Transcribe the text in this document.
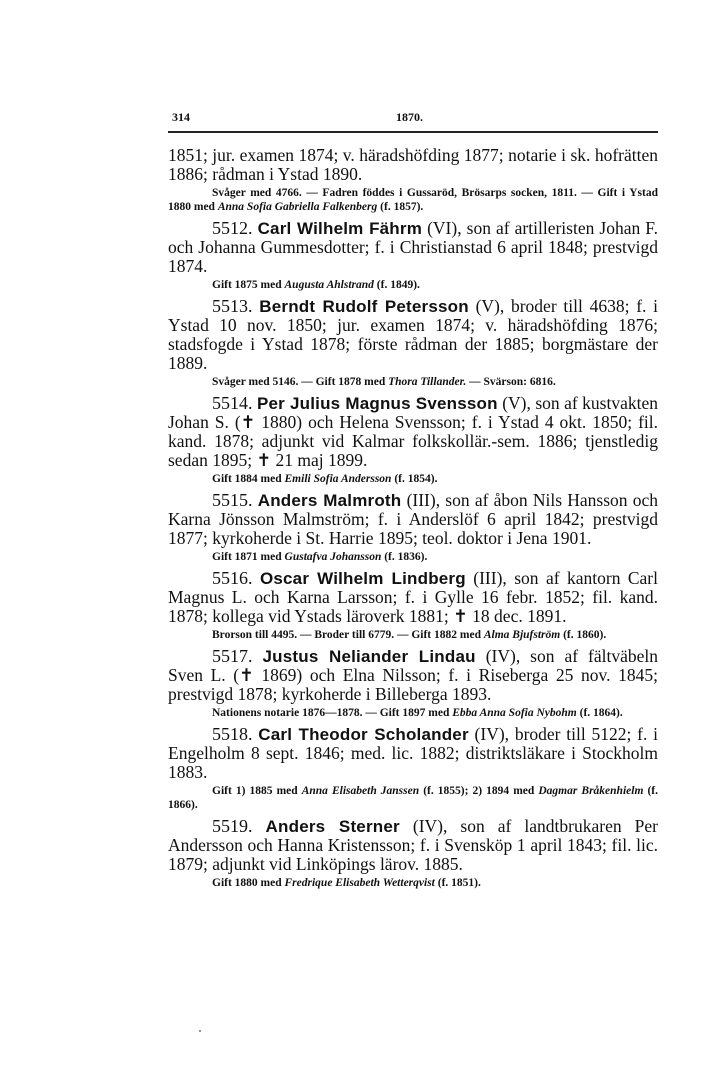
314	1870.

1851; jur. examen 1874; v. häradshöfding 1877; notarie i sk. hofrätten 1886; rådman i Ystad 1890.

Svåger med 4766. — Fadren föddes i Gussaröd, Brösarps socken, 1811. — Gift i Ystad 1880 med Anna Sofia Gabriella Falkenberg (f. 1857).

5512. Carl Wilhelm Fährm (VI), son af artilleristen Johan F. och Johanna Gummesdotter; f. i Christianstad 6 april 1848; prestvigd 1874.

Gift 1875 med Augusta Ahlstrand (f. 1849).

5513. Berndt Rudolf Petersson (V), broder till 4638; f. i Ystad 10 nov. 1850; jur. examen 1874; v. häradshöfding 1876; stadsfogde i Ystad 1878; förste rådman der 1885; borgmästare der 1889.

Svåger med 5146. — Gift 1878 med Thora Tillander. — Svärson: 6816.

5514. Per Julius Magnus Svensson (V), son af kustvakten Johan S. (✝ 1880) och Helena Svensson; f. i Ystad 4 okt. 1850; fil. kand. 1878; adjunkt vid Kalmar folkskollär.-sem. 1886; tjenstledig sedan 1895; ✝ 21 maj 1899.

Gift 1884 med Emili Sofia Andersson (f. 1854).

5515. Anders Malmroth (III), son af åbon Nils Hansson och Karna Jönsson Malmström; f. i Anderslöf 6 april 1842; prestvigd 1877; kyrkoherde i St. Harrie 1895; teol. doktor i Jena 1901.

Gift 1871 med Gustafva Johansson (f. 1836).

5516. Oscar Wilhelm Lindberg (III), son af kantorn Carl Magnus L. och Karna Larsson; f. i Gylle 16 febr. 1852; fil. kand. 1878; kollega vid Ystads läroverk 1881; ✝ 18 dec. 1891.

Brorson till 4495. — Broder till 6779. — Gift 1882 med Alma Bjufström (f. 1860).

5517. Justus Neliander Lindau (IV), son af fältväbeln Sven L. (✝ 1869) och Elna Nilsson; f. i Riseberga 25 nov. 1845; prestvigd 1878; kyrkoherde i Billeberga 1893.

Nationens notarie 1876—1878. — Gift 1897 med Ebba Anna Sofia Nybohm (f. 1864).

5518. Carl Theodor Scholander (IV), broder till 5122; f. i Engelholm 8 sept. 1846; med. lic. 1882; distriktsläkare i Stockholm 1883.

Gift 1) 1885 med Anna Elisabeth Janssen (f. 1855); 2) 1894 med Dagmar Bråkenhielm (f. 1866).

5519. Anders Sterner (IV), son af landtbrukaren Per Andersson och Hanna Kristensson; f. i Svensköp 1 april 1843; fil. lic. 1879; adjunkt vid Linköpings lärov. 1885.

Gift 1880 med Fredrique Elisabeth Wetterqvist (f. 1851).
